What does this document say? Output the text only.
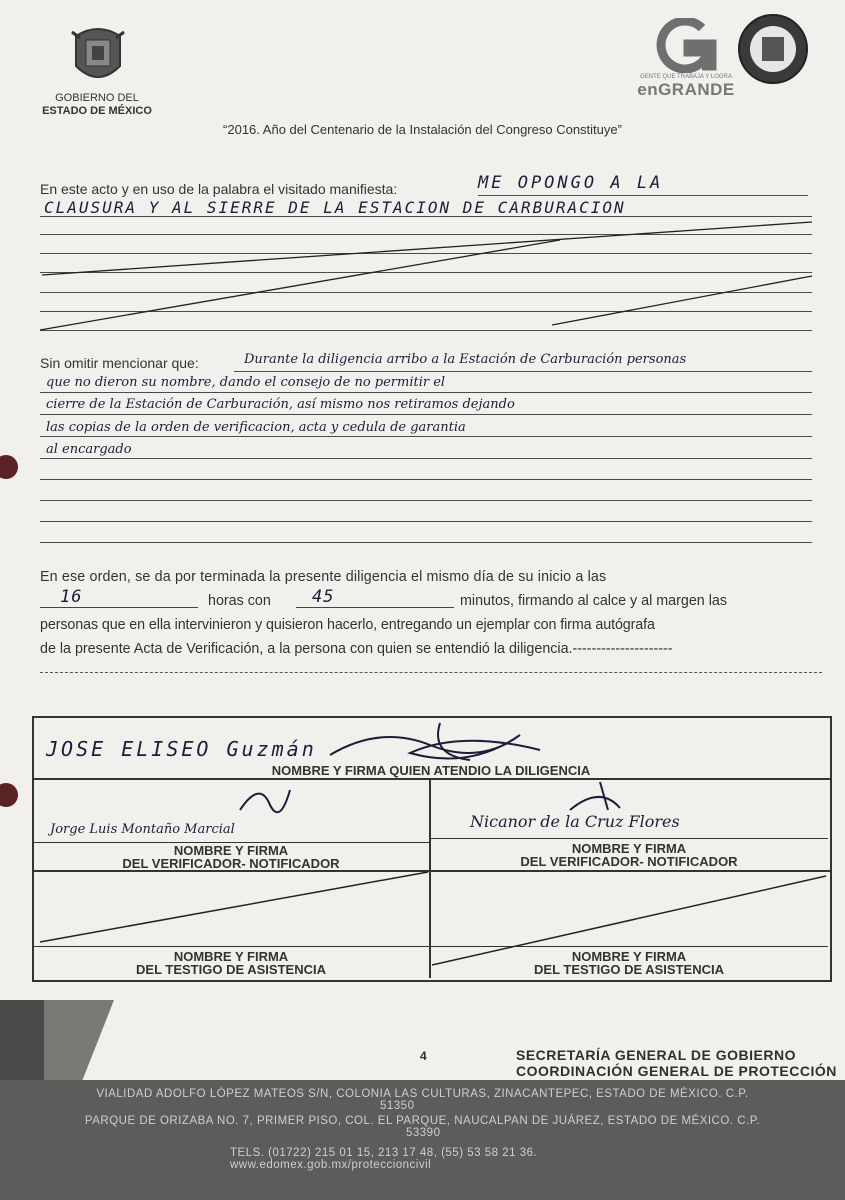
GOBIERNO DEL
ESTADO DE MÉXICO
GENTE QUE TRABAJA Y LOGRA
enGRANDE
“2016. Año del Centenario de la Instalación del Congreso Constituye”
En este acto y en uso de la palabra el visitado manifiesta:	ME OPONGO A LA
CLAUSURA Y AL SIERRE DE LA ESTACION DE CARBURACION
Sin omitir mencionar que:	Durante la diligencia arribo a la Estación de Carburación personas
que no dieron su nombre, dando el consejo de no permitir el
cierre de la Estación de Carburación, así mismo nos retiramos dejando
las copias de la orden de verificacion, acta y cedula de garantia
al encargado
En ese orden, se da por terminada la presente diligencia el mismo día de su inicio a las
16	horas con 45	minutos, firmando al calce y al margen las
personas que en ella intervinieron y quisieron hacerlo, entregando un ejemplar con firma autógrafa
de la presente Acta de Verificación, a la persona con quien se entendió la diligencia.---------------------
JOSE ELISEO Guzmán
NOMBRE Y FIRMA QUIEN ATENDIO LA DILIGENCIA
Jorge Luis Montaño Marcial
NOMBRE Y FIRMA
DEL VERIFICADOR- NOTIFICADOR
Nicanor de la Cruz Flores
NOMBRE Y FIRMA
DEL VERIFICADOR- NOTIFICADOR
NOMBRE Y FIRMA
DEL TESTIGO DE ASISTENCIA
NOMBRE Y FIRMA
DEL TESTIGO DE ASISTENCIA
4	SECRETARÍA GENERAL DE GOBIERNO
COORDINACIÓN GENERAL DE PROTECCIÓN
VIALIDAD ADOLFO LÓPEZ MATEOS S/N, COLONIA LAS CULTURAS, ZINACANTEPEC, ESTADO DE MÉXICO. C.P.
51350
PARQUE DE ORIZABA NO. 7, PRIMER PISO, COL. EL PARQUE, NAUCALPAN DE JUÁREZ, ESTADO DE MÉXICO. C.P.
53390
TELS. (01722) 215 01 15, 213 17 48, (55) 53 58 21 36.
www.edomex.gob.mx/proteccioncivil
